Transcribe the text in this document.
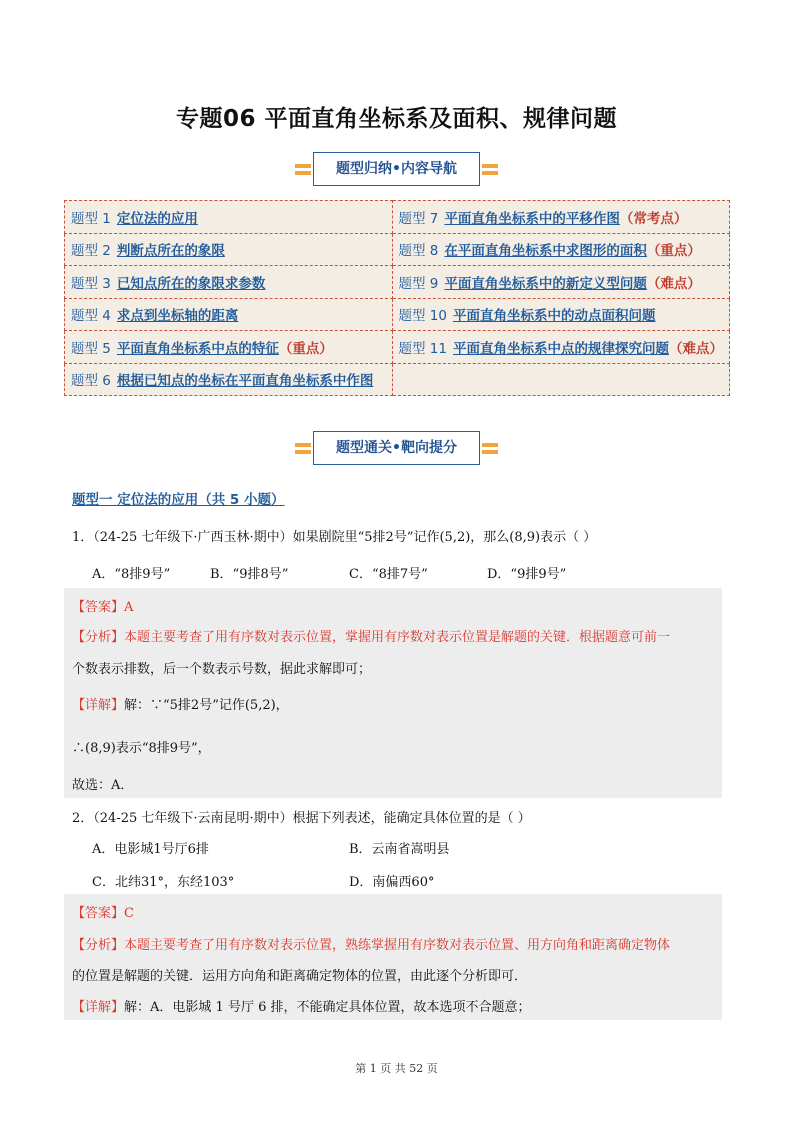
专题06 平面直角坐标系及面积、规律问题
题型归纳•内容导航
题型 1 定位法的应用	题型 7 平面直角坐标系中的平移作图（常考点）
题型 2 判断点所在的象限	题型 8 在平面直角坐标系中求图形的面积（重点）
题型 3 已知点所在的象限求参数	题型 9 平面直角坐标系中的新定义型问题（难点）
题型 4 求点到坐标轴的距离	题型 10 平面直角坐标系中的动点面积问题
题型 5 平面直角坐标系中点的特征（重点）	题型 11 平面直角坐标系中点的规律探究问题（难点）
题型 6 根据已知点的坐标在平面直角坐标系中作图	
题型通关•靶向提分
题型一 定位法的应用（共 5 小题）
1．（24-25 七年级下·广西玉林·期中）如果剧院里“5排2号”记作(5,2)，那么(8,9)表示（ ）
A．“8排9号”	B．“9排8号”	C．“8排7号”	D．“9排9号”
【答案】A
【分析】本题主要考查了用有序数对表示位置，掌握用有序数对表示位置是解题的关键．根据题意可前一
个数表示排数，后一个数表示号数，据此求解即可；
【详解】解：∵“5排2号”记作(5,2)，
∴(8,9)表示“8排9号”，
故选：A．
2．（24-25 七年级下·云南昆明·期中）根据下列表述，能确定具体位置的是（ ）
A．电影城1号厅6排	B．云南省嵩明县
C．北纬31°，东经103°	D．南偏西60°
【答案】C
【分析】本题主要考查了用有序数对表示位置，熟练掌握用有序数对表示位置、用方向角和距离确定物体
的位置是解题的关键．运用方向角和距离确定物体的位置，由此逐个分析即可．
【详解】解：A．电影城 1 号厅 6 排，不能确定具体位置，故本选项不合题意；
第 1 页 共 52 页
